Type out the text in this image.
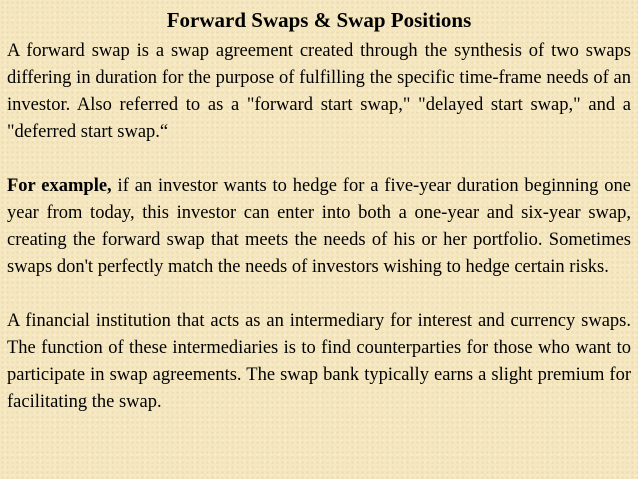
Forward Swaps & Swap Positions

A forward swap is a swap agreement created through the synthesis of two swaps differing in duration for the purpose of fulfilling the specific time-frame needs of an investor. Also referred to as a "forward start swap," "delayed start swap," and a "deferred start swap.“

For example, if an investor wants to hedge for a five-year duration beginning one year from today, this investor can enter into both a one-year and six-year swap, creating the forward swap that meets the needs of his or her portfolio. Sometimes swaps don't perfectly match the needs of investors wishing to hedge certain risks.

A financial institution that acts as an intermediary for interest and currency swaps. The function of these intermediaries is to find counterparties for those who want to participate in swap agreements. The swap bank typically earns a slight premium for facilitating the swap.
